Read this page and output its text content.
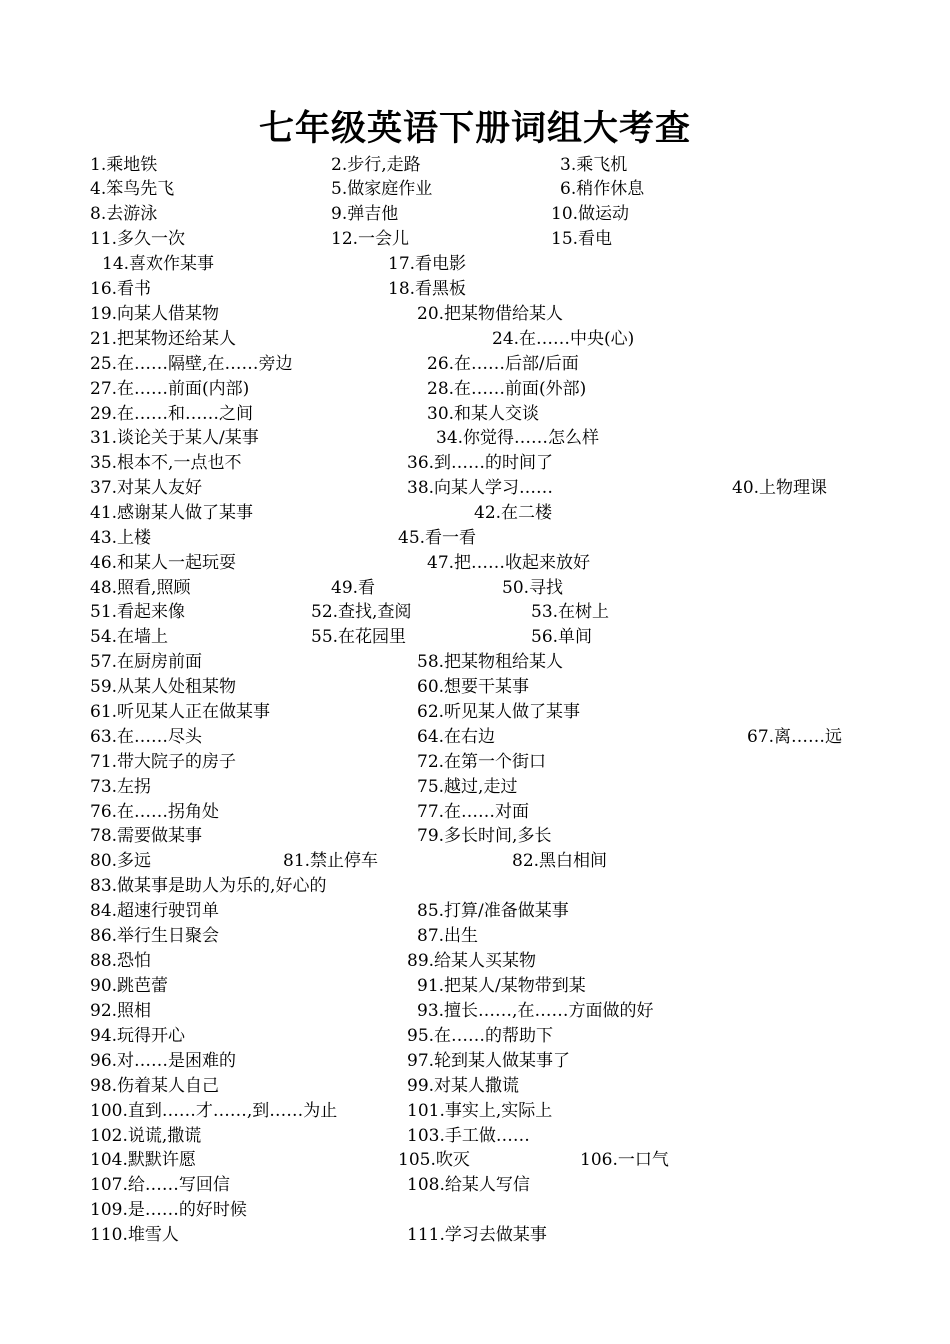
七年级英语下册词组大考查
1.乘地铁	2.步行,走路	3.乘飞机
4.笨鸟先飞	5.做家庭作业	6.稍作休息
8.去游泳	9.弹吉他	10.做运动
11.多久一次	12.一会儿	15.看电
14.喜欢作某事	17.看电影
16.看书	18.看黑板
19.向某人借某物	20.把某物借给某人
21.把某物还给某人	24.在……中央(心)
25.在……隔壁,在……旁边	26.在……后部/后面
27.在……前面(内部)	28.在……前面(外部)
29.在……和……之间	30.和某人交谈
31.谈论关于某人/某事	34.你觉得……怎么样
35.根本不,一点也不	36.到……的时间了
37.对某人友好	38.向某人学习……	40.上物理课
41.感谢某人做了某事	42.在二楼
43.上楼	45.看一看
46.和某人一起玩耍	47.把……收起来放好
48.照看,照顾	49.看	50.寻找
51.看起来像	52.查找,查阅	53.在树上
54.在墙上	55.在花园里	56.单间
57.在厨房前面	58.把某物租给某人
59.从某人处租某物	60.想要干某事
61.听见某人正在做某事	62.听见某人做了某事
63.在……尽头	64.在右边	67.离……远
71.带大院子的房子	72.在第一个街口
73.左拐	75.越过,走过
76.在……拐角处	77.在……对面
78.需要做某事	79.多长时间,多长
80.多远	81.禁止停车	82.黑白相间
83.做某事是助人为乐的,好心的
84.超速行驶罚单	85.打算/准备做某事
86.举行生日聚会	87.出生
88.恐怕	89.给某人买某物
90.跳芭蕾	91.把某人/某物带到某
92.照相	93.擅长……,在……方面做的好
94.玩得开心	95.在……的帮助下
96.对……是困难的	97.轮到某人做某事了
98.伤着某人自己	99.对某人撒谎
100.直到……才……,到……为止	101.事实上,实际上
102.说谎,撒谎	103.手工做……
104.默默许愿	105.吹灭	106.一口气
107.给……写回信	108.给某人写信
109.是……的好时候
110.堆雪人	111.学习去做某事
